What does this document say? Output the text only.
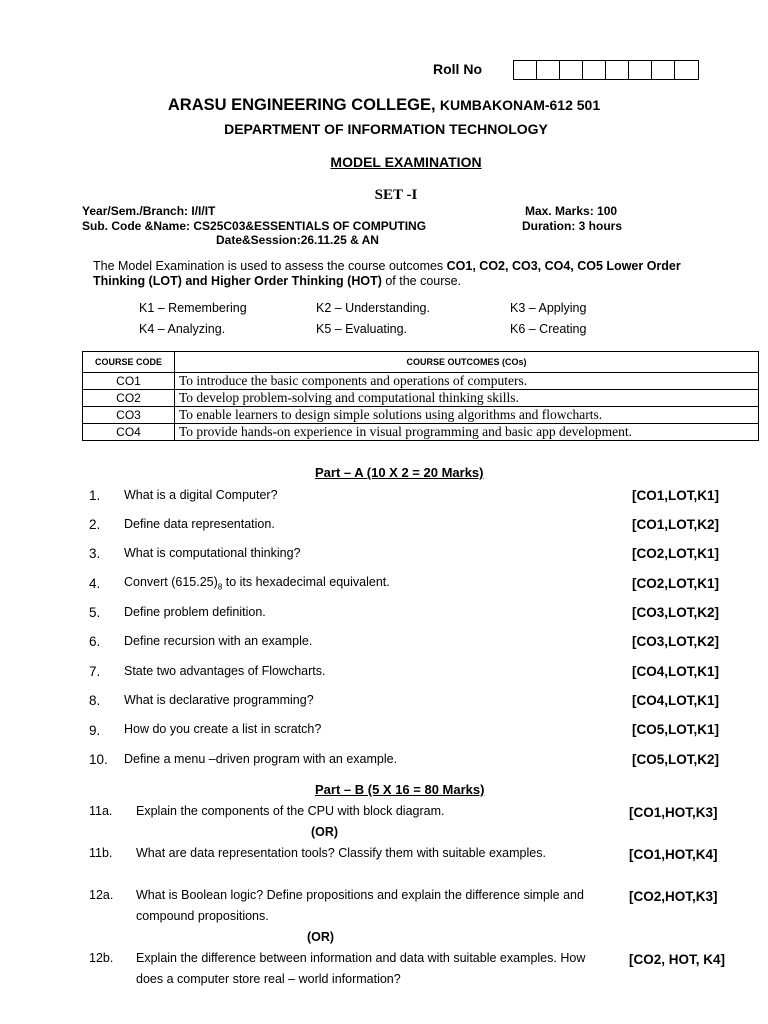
Roll No
ARASU ENGINEERING COLLEGE, KUMBAKONAM-612 501
DEPARTMENT OF INFORMATION TECHNOLOGY
MODEL EXAMINATION
SET -I
Year/Sem./Branch: I/I/IT
Sub. Code &Name: CS25C03&ESSENTIALS OF COMPUTING
Date&Session:26.11.25 & AN
Max. Marks: 100
Duration: 3 hours
The Model Examination is used to assess the course outcomes CO1, CO2, CO3, CO4, CO5 Lower Order Thinking (LOT) and Higher Order Thinking (HOT) of the course.
K1 – Remembering	K2 – Understanding.	K3 – Applying
K4 – Analyzing.	K5 – Evaluating.	K6 – Creating
COURSE CODE	COURSE OUTCOMES (COs)
CO1	To introduce the basic components and operations of computers.
CO2	To develop problem-solving and computational thinking skills.
CO3	To enable learners to design simple solutions using algorithms and flowcharts.
CO4	To provide hands-on experience in visual programming and basic app development.
Part – A (10 X 2 = 20 Marks)
1. What is a digital Computer?	[CO1,LOT,K1]
2. Define data representation.	[CO1,LOT,K2]
3. What is computational thinking?	[CO2,LOT,K1]
4. Convert $(615.25)_8$ to its hexadecimal equivalent.	[CO2,LOT,K1]
5. Define problem definition.	[CO3,LOT,K2]
6. Define recursion with an example.	[CO3,LOT,K2]
7. State two advantages of Flowcharts.	[CO4,LOT,K1]
8. What is declarative programming?	[CO4,LOT,K1]
9. How do you create a list in scratch?	[CO5,LOT,K1]
10. Define a menu –driven program with an example.	[CO5,LOT,K2]
Part – B (5 X 16 = 80 Marks)
11a. Explain the components of the CPU with block diagram.	[CO1,HOT,K3]
(OR)
11b. What are data representation tools? Classify them with suitable examples.	[CO1,HOT,K4]
12a. What is Boolean logic? Define propositions and explain the difference simple and compound propositions.
[CO2,HOT,K3]
(OR)
12b. Explain the difference between information and data with suitable examples. How does a computer store real – world information?
[CO2, HOT, K4]
